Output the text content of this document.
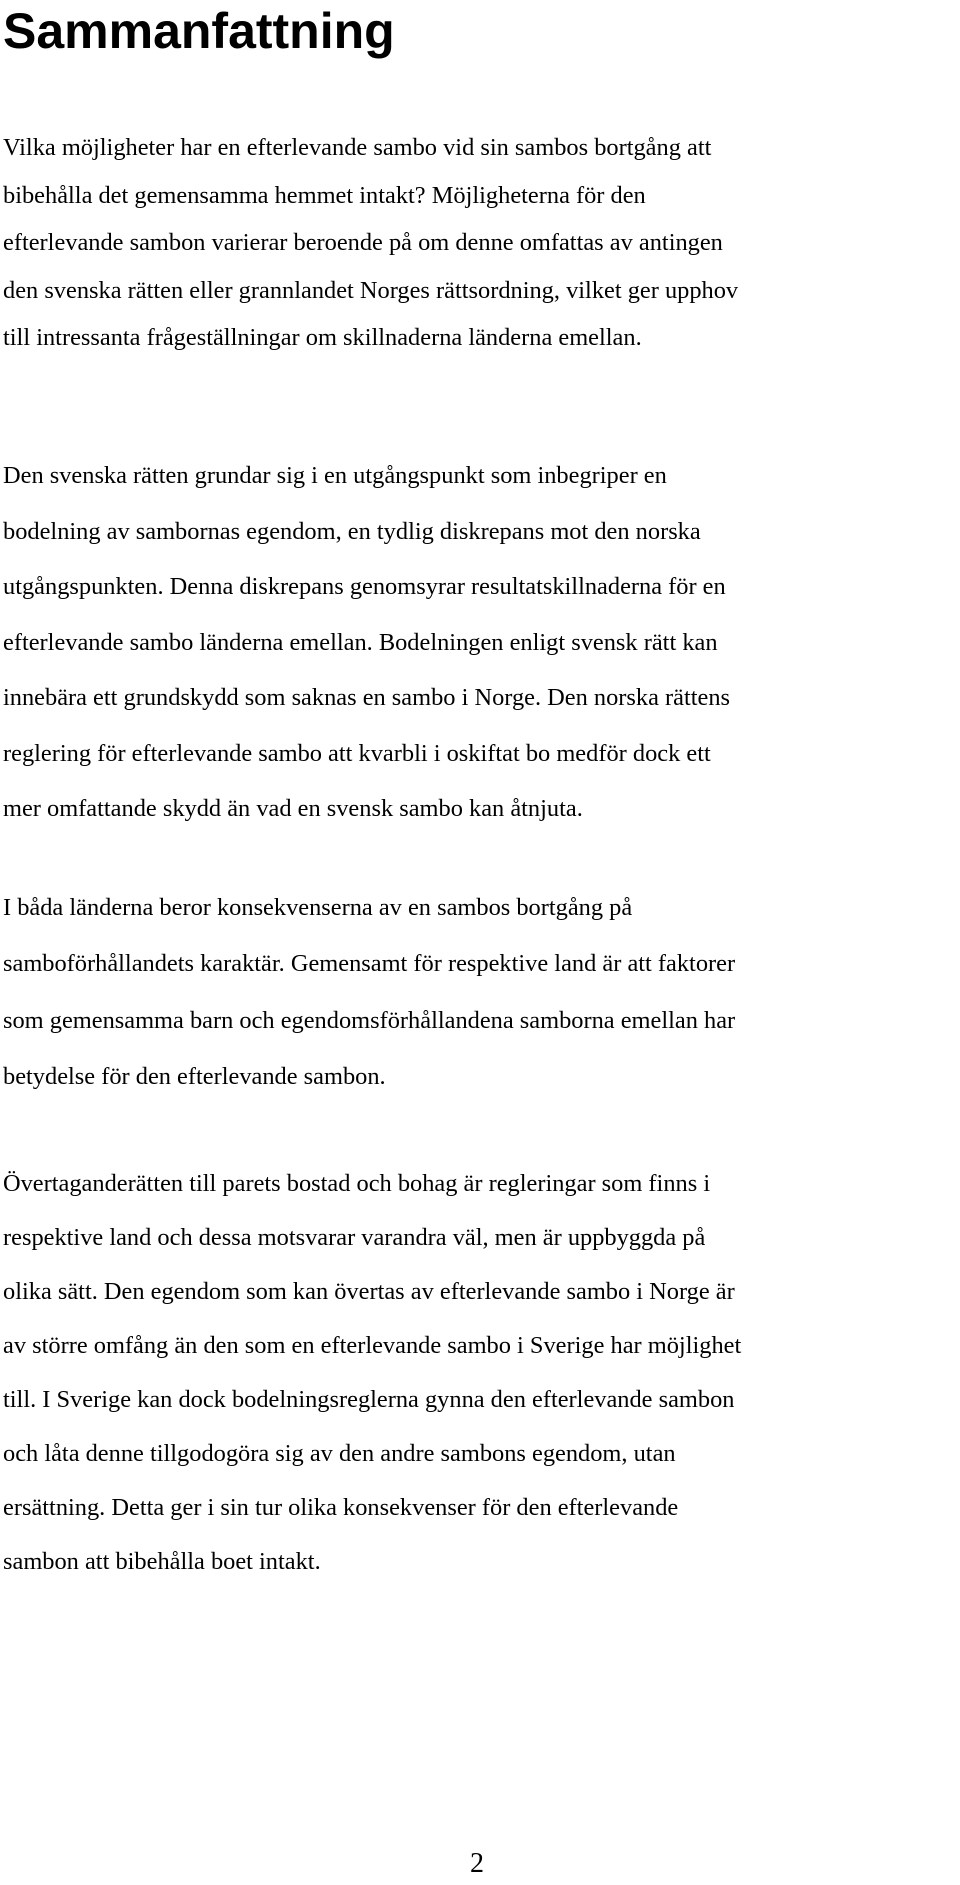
Sammanfattning

Vilka möjligheter har en efterlevande sambo vid sin sambos bortgång att
bibehålla det gemensamma hemmet intakt? Möjligheterna för den
efterlevande sambon varierar beroende på om denne omfattas av antingen
den svenska rätten eller grannlandet Norges rättsordning, vilket ger upphov
till intressanta frågeställningar om skillnaderna länderna emellan.

Den svenska rätten grundar sig i en utgångspunkt som inbegriper en
bodelning av sambornas egendom, en tydlig diskrepans mot den norska
utgångspunkten. Denna diskrepans genomsyrar resultatskillnaderna för en
efterlevande sambo länderna emellan. Bodelningen enligt svensk rätt kan
innebära ett grundskydd som saknas en sambo i Norge. Den norska rättens
reglering för efterlevande sambo att kvarbli i oskiftat bo medför dock ett
mer omfattande skydd än vad en svensk sambo kan åtnjuta.

I båda länderna beror konsekvenserna av en sambos bortgång på
samboförhållandets karaktär. Gemensamt för respektive land är att faktorer
som gemensamma barn och egendomsförhållandena samborna emellan har
betydelse för den efterlevande sambon.

Övertaganderätten till parets bostad och bohag är regleringar som finns i
respektive land och dessa motsvarar varandra väl, men är uppbyggda på
olika sätt. Den egendom som kan övertas av efterlevande sambo i Norge är
av större omfång än den som en efterlevande sambo i Sverige har möjlighet
till. I Sverige kan dock bodelningsreglerna gynna den efterlevande sambon
och låta denne tillgodogöra sig av den andre sambons egendom, utan
ersättning. Detta ger i sin tur olika konsekvenser för den efterlevande
sambon att bibehålla boet intakt.

2
